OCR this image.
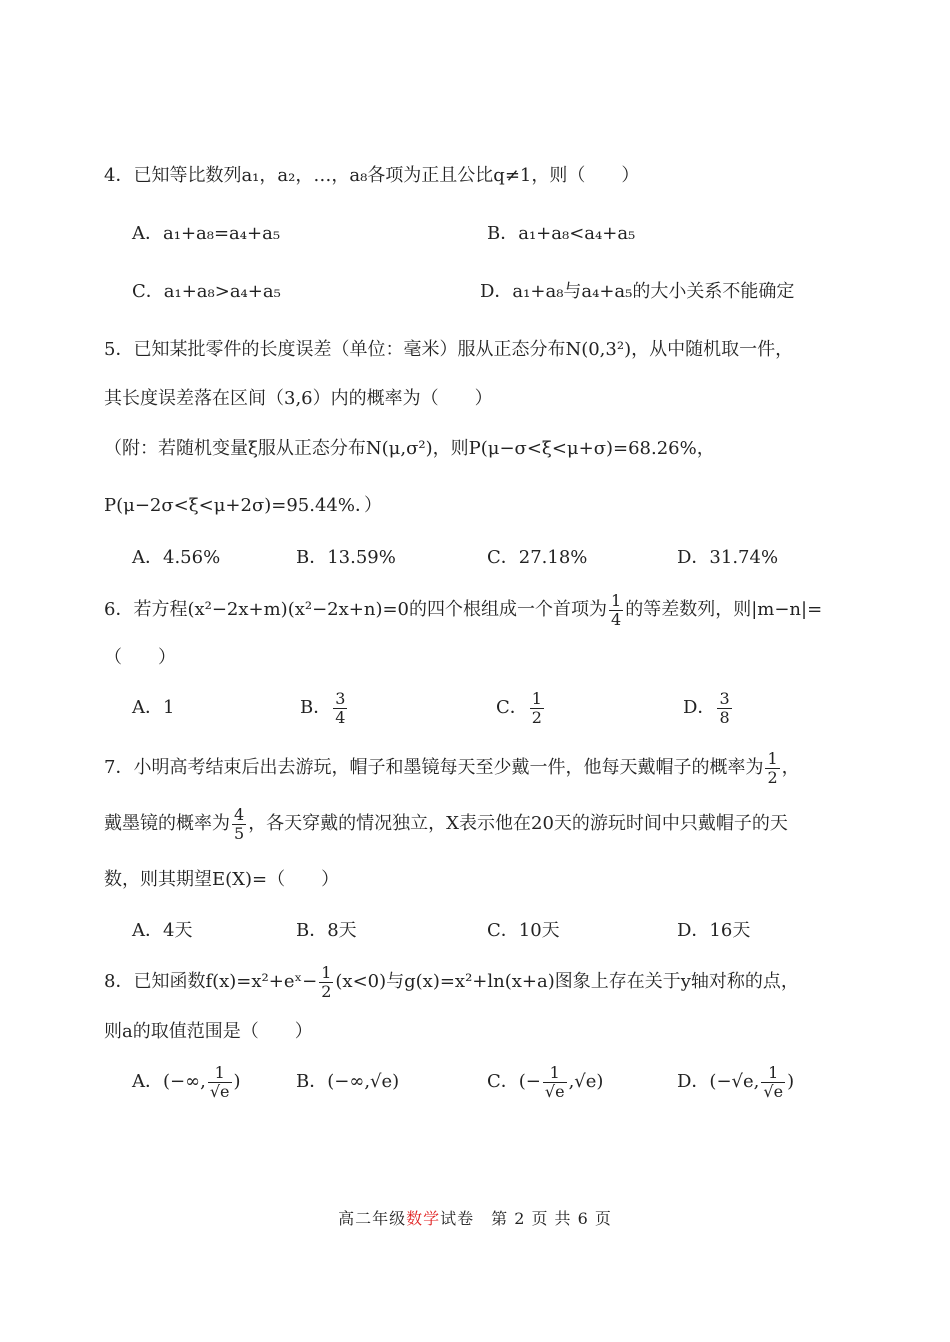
4．已知等比数列a₁，a₂，…，a₈各项为正且公比q≠1，则（　　）
A．a₁+a₈=a₄+a₅	B．a₁+a₈<a₄+a₅
C．a₁+a₈>a₄+a₅	D．a₁+a₈与a₄+a₅的大小关系不能确定
5．已知某批零件的长度误差（单位：毫米）服从正态分布N(0,3²)，从中随机取一件，
其长度误差落在区间（3,6）内的概率为（　　）
（附：若随机变量ξ服从正态分布N(μ,σ²)，则P(μ−σ<ξ<μ+σ)=68.26%，
P(μ−2σ<ξ<μ+2σ)=95.44%．）
A．4.56%	B．13.59%	C．27.18%	D．31.74%
6．若方程(x²−2x+m)(x²−2x+n)=0的四个根组成一个首项为 $\frac{1}{4}$ 的等差数列，则|m−n|=
（　　）
A．1	B． $\frac{3}{4}$	C． $\frac{1}{2}$	D． $\frac{3}{8}$
7．小明高考结束后出去游玩，帽子和墨镜每天至少戴一件，他每天戴帽子的概率为 $\frac{1}{2}$ ，
戴墨镜的概率为 $\frac{4}{5}$ ，各天穿戴的情况独立，X表示他在20天的游玩时间中只戴帽子的天
数，则其期望E(X)=（　　）
A．4天	B．8天	C．10天	D．16天
8．已知函数f(x)=x²+eˣ− $\frac{1}{2} (x<0)$与g(x)=x²+ln(x+a)图象上存在关于y轴对称的点，
则a的取值范围是（　　）
A．(−∞, $\frac{1}{√e}$ )	B．(−∞,√e)	C．(− $\frac{1}{√e} ,√e$)	D．(−√e, $\frac{1}{√e}$ )
高二年级数学试卷　第 2 页 共 6 页
